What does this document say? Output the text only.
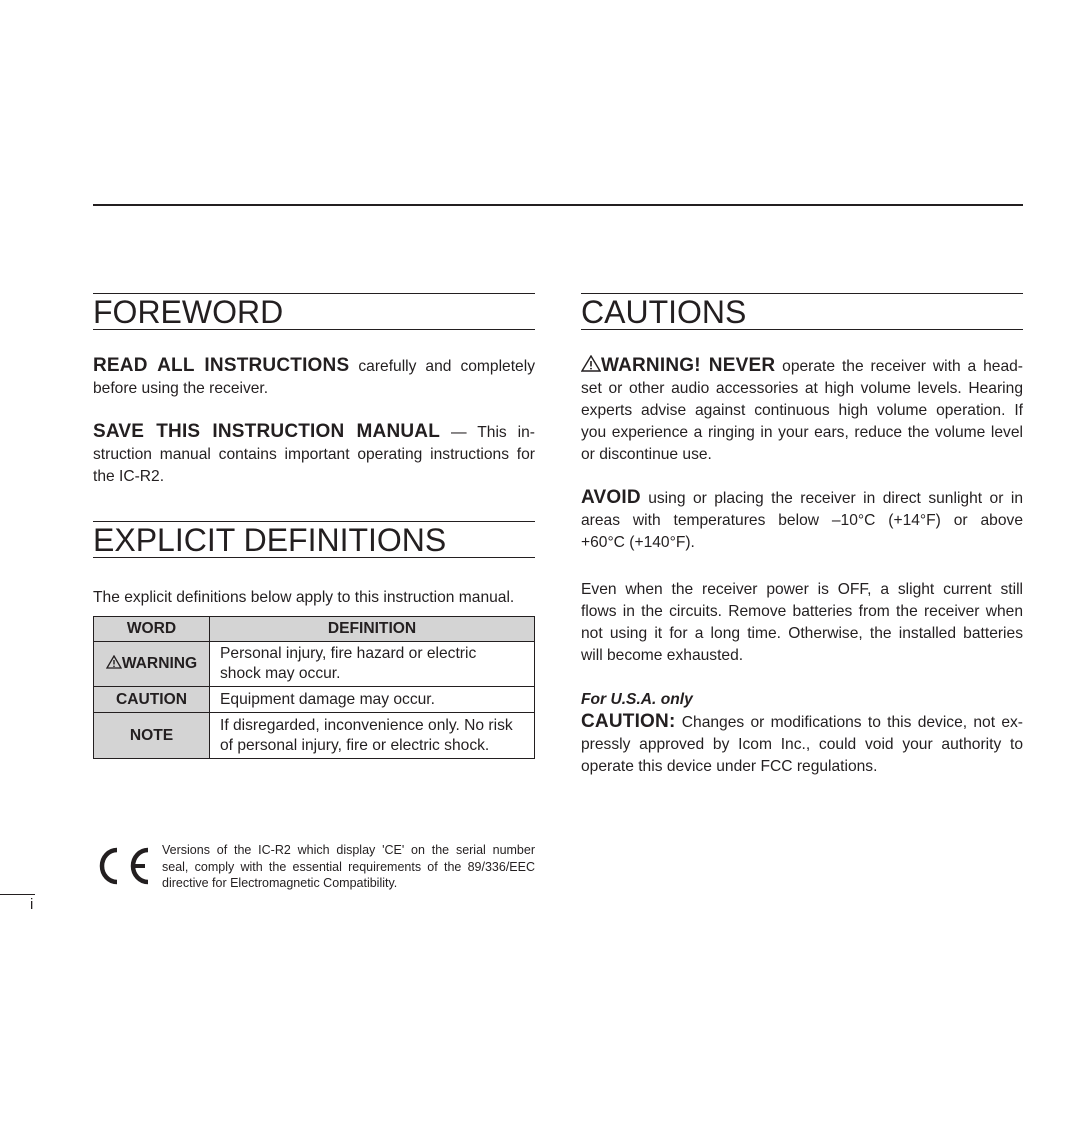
FOREWORD
READ ALL INSTRUCTIONS carefully and completely
before using the receiver.
SAVE THIS INSTRUCTION MANUAL — This in-
struction manual contains important operating instructions for
the IC-R2.
EXPLICIT DEFINITIONS
The explicit deﬁnitions below apply to this instruction manual.
WORD	DEFINITION
WARNING	Personal injury, ﬁre hazard or electric
shock may occur.

CAUTION	Equipment damage may occur.

NOTE	If disregarded, inconvenience only. No risk
of personal injury, ﬁre or electric shock.
Versions of the IC-R2 which display 'CE' on the serial number
seal, comply with the essential requirements of the 89/336/EEC
directive for Electromagnetic Compatibility.
CAUTIONS
WARNING! NEVER operate the receiver with a head-
set or other audio accessories at high volume levels. Hearing
experts advise against continuous high volume operation. If
you experience a ringing in your ears, reduce the volume level
or discontinue use.
AVOID using or placing the receiver in direct sunlight or in
areas with temperatures below –10°C (+14°F) or above
+60°C (+140°F).
Even when the receiver power is OFF, a slight current still
ﬂows in the circuits. Remove batteries from the receiver when
not using it for a long time. Otherwise, the installed batteries
will become exhausted.
For U.S.A. only
CAUTION: Changes or modiﬁcations to this device, not ex-
pressly approved by Icom Inc., could void your authority to
operate this device under FCC regulations.
i
